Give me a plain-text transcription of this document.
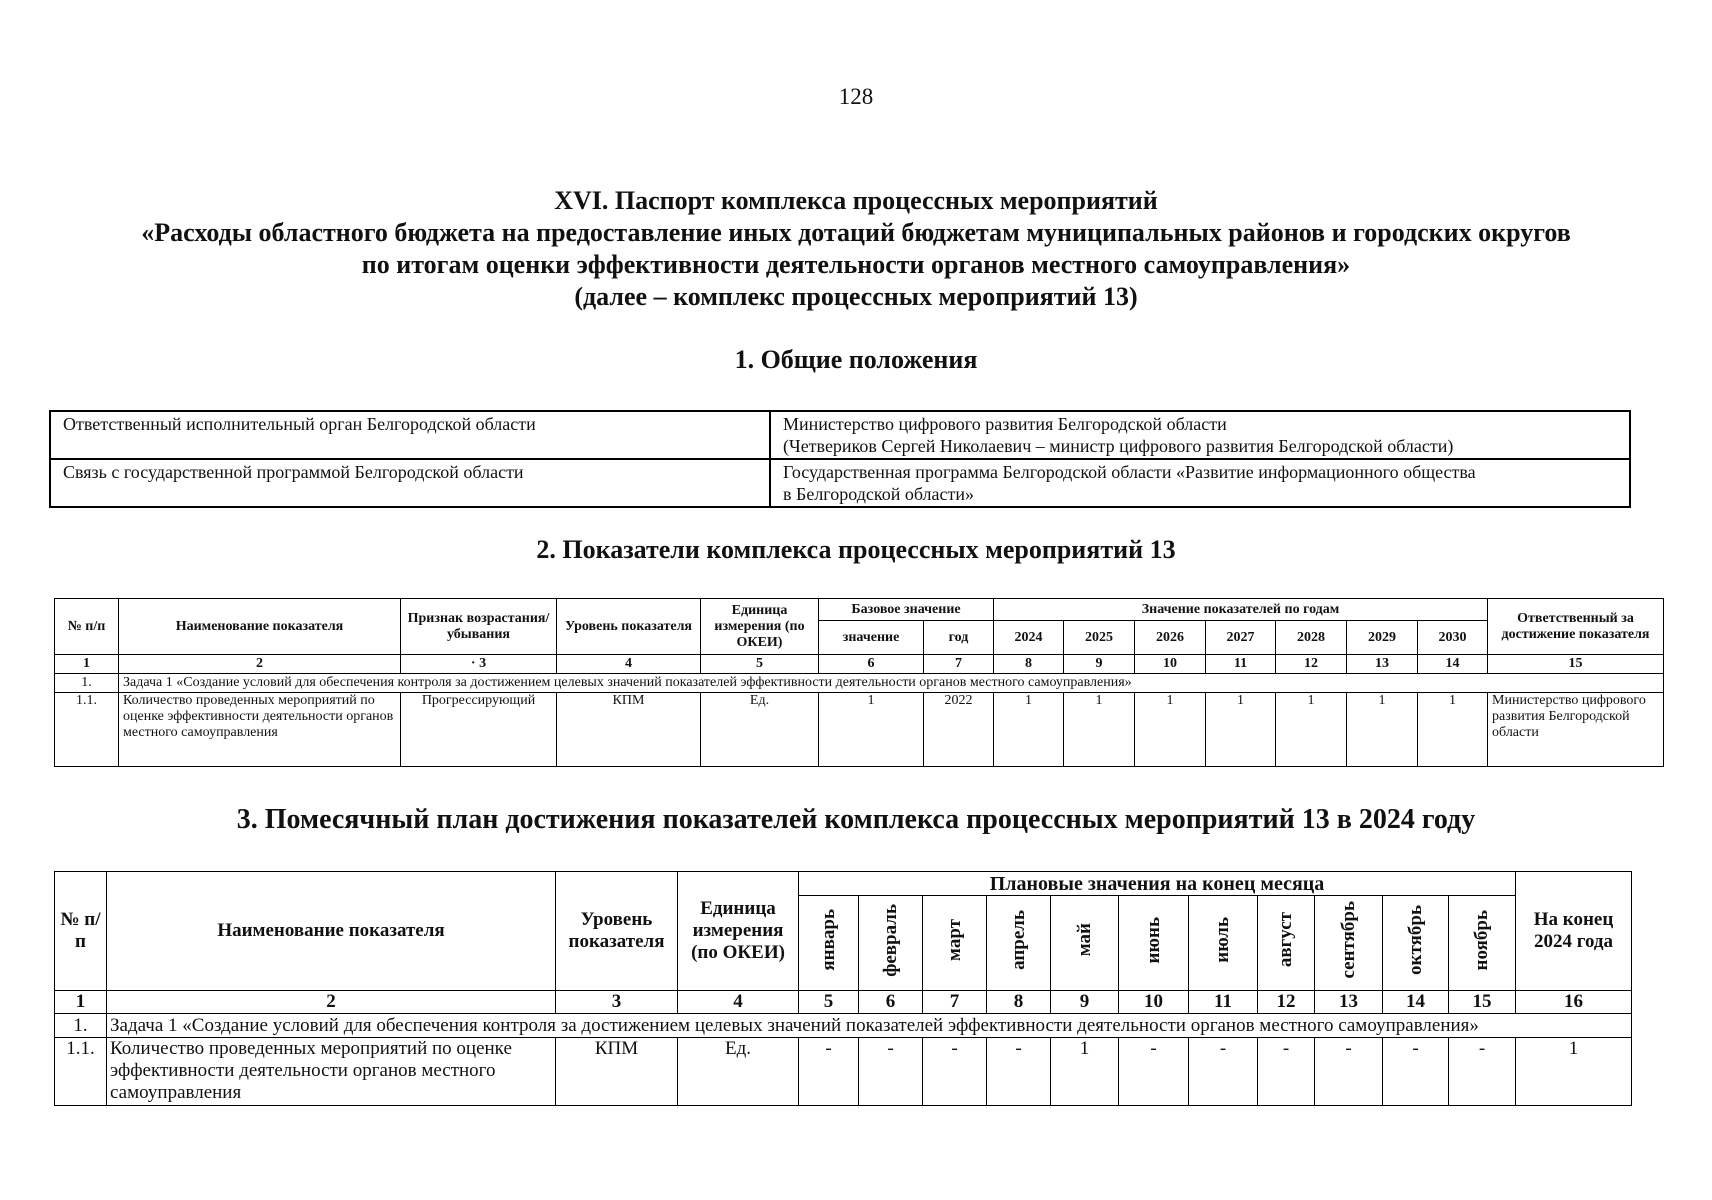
128
XVI. Паспорт комплекса процессных мероприятий
«Расходы областного бюджета на предоставление иных дотаций бюджетам муниципальных районов и городских округов
по итогам оценки эффективности деятельности органов местного самоуправления»
(далее – комплекс процессных мероприятий 13)
1. Общие положения
Ответственный исполнительный орган Белгородской области	Министерство цифрового развития Белгородской области
(Четвериков Сергей Николаевич – министр цифрового развития Белгородской области)

Связь с государственной программой Белгородской области	Государственная программа Белгородской области «Развитие информационного общества
в Белгородской области»
2. Показатели комплекса процессных мероприятий 13
№ п/п	Наименование показателя	Признак возрастания/ убывания	Уровень показателя	Единица измерения (по ОКЕИ)	Базовое значение		Значение показателей по годам							Ответственный за достижение показателя
					значение	год	2024	2025	2026	2027	2028	2029	2030	
1	2	· 3	4	5	6	7	8	9	10	11	12	13	14	15
1.	Задача 1 «Создание условий для обеспечения контроля за достижением целевых значений показателей эффективности деятельности органов местного самоуправления»													
1.1.	Количество проведенных мероприятий по оценке эффективности деятельности органов местного самоуправления	Прогрессирующий	КПМ	Ед.	1	2022	1	1	1	1	1	1	1	Министерство цифрового развития Белгородской области
3. Помесячный план достижения показателей комплекса процессных мероприятий 13 в 2024 году
№ п/п	Наименование показателя	Уровень показателя	Единица измерения (по ОКЕИ)	Плановые значения на конец месяца											На конец 2024 года
				январь	февраль	март	апрель	май	июнь	июль	август	сентябрь	октябрь	ноябрь	
1	2	3	4	5	6	7	8	9	10	11	12	13	14	15	16
1.	Задача 1 «Создание условий для обеспечения контроля за достижением целевых значений показателей эффективности деятельности органов местного самоуправления»														
1.1.	Количество проведенных мероприятий по оценке эффективности деятельности органов местного самоуправления	КПМ	Ед.	-	-	-	-	1	-	-	-	-	-	-	1
